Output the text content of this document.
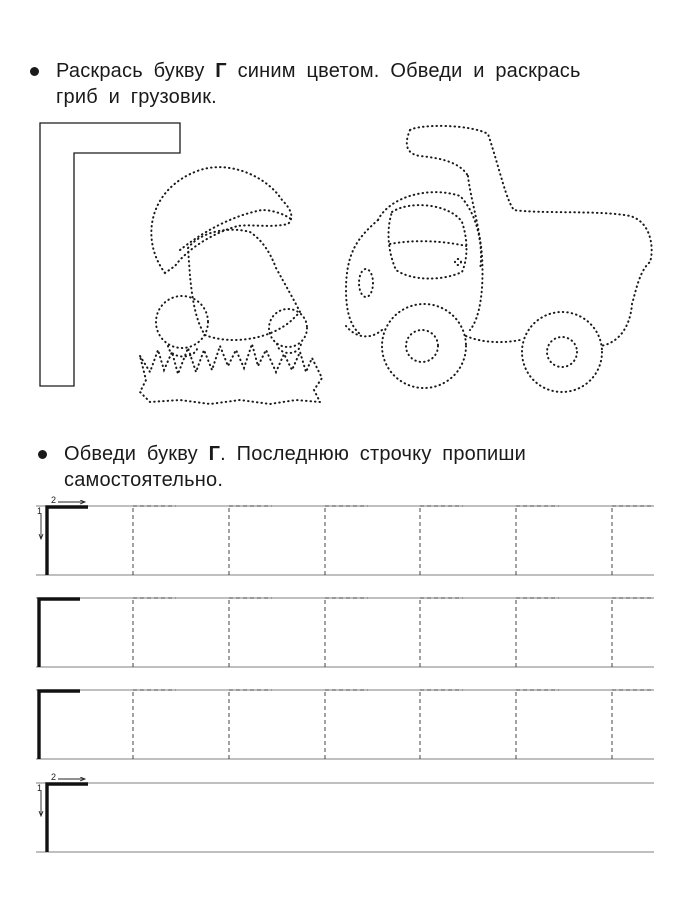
Раскрась букву Г синим цветом. Обведи и раскрась гриб и грузовик.
Обведи букву Г. Последнюю строчку пропиши самостоятельно.
1
2
1
2
